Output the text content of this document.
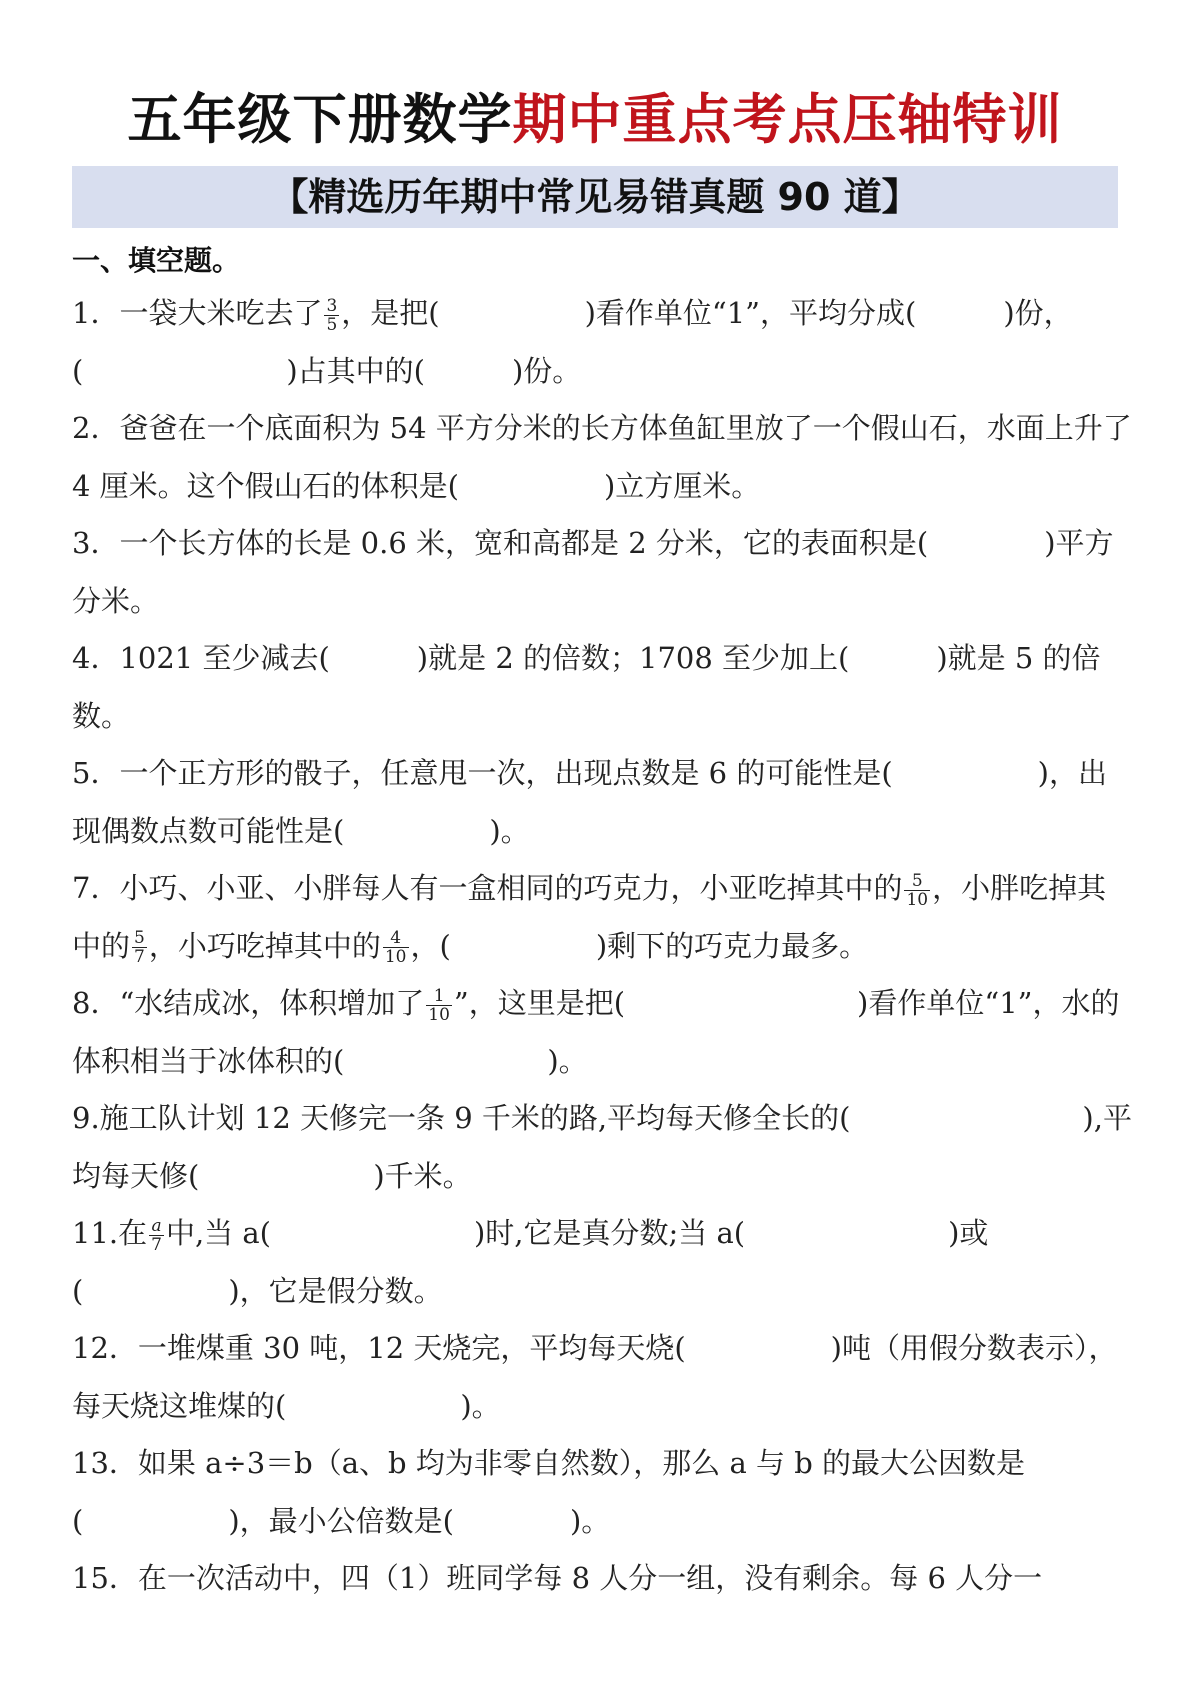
五年级下册数学期中重点考点压轴特训
【精选历年期中常见易错真题 90 道】
一、填空题。

1．一袋大米吃去了 $\frac{3}{5}$ ，是把(　　　　　)看作单位“1”，平均分成(　　　)份，(　　　　　　　)占其中的(　　　)份。

2．爸爸在一个底面积为 54 平方分米的长方体鱼缸里放了一个假山石，水面上升了 4 厘米。这个假山石的体积是(　　　　　)立方厘米。

3．一个长方体的长是 0.6 米，宽和高都是 2 分米，它的表面积是(　　　　)平方分米。

4．1021 至少减去(　　　)就是 2 的倍数；1708 至少加上(　　　)就是 5 的倍数。

5．一个正方形的骰子，任意甩一次，出现点数是 6 的可能性是(　　　　　)，出现偶数点数可能性是(　　　　　)。

7．小巧、小亚、小胖每人有一盒相同的巧克力，小亚吃掉其中的 $\frac{5}{10}$ ，小胖吃掉其中的 $\frac{5}{7}$ ，小巧吃掉其中的 $\frac{4}{10}$ ，(　　　　　)剩下的巧克力最多。

8．“水结成冰，体积增加了 $\frac{1}{10}$ ”，这里是把(　　　　　　　　)看作单位“1”，水的体积相当于冰体积的(　　　　　　　)。

9.施工队计划 12 天修完一条 9 千米的路,平均每天修全长的(　　　　　　　　),平均每天修(　　　　　　)千米。

11.在 $\frac{a}{7}$ 中,当 a(　　　　　　　)时,它是真分数;当 a(　　　　　　　)或(　　　　　)，它是假分数。

12．一堆煤重 30 吨，12 天烧完，平均每天烧(　　　　　)吨（用假分数表示），每天烧这堆煤的(　　　　　　)。

13．如果 a÷3＝b（a、b 均为非零自然数），那么 a 与 b 的最大公因数是(　　　　　)，最小公倍数是(　　　　)。

15．在一次活动中，四（1）班同学每 8 人分一组，没有剩余。每 6 人分一
